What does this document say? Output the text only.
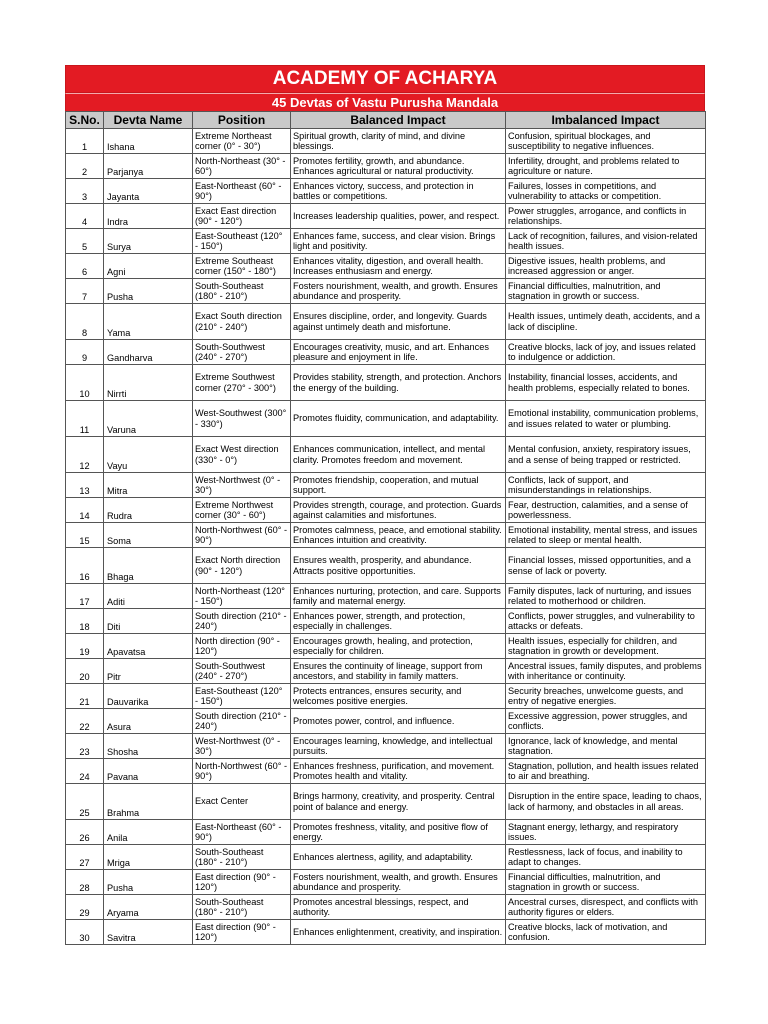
ACADEMY OF ACHARYA
45 Devtas of Vastu Purusha Mandala
S.No.	Devta Name	Position	Balanced Impact	Imbalanced Impact
1	Ishana	Extreme Northeast corner (0° - 30°)	Spiritual growth, clarity of mind, and divine blessings.	Confusion, spiritual blockages, and susceptibility to negative influences.
2	Parjanya	North-Northeast (30° - 60°)	Promotes fertility, growth, and abundance. Enhances agricultural or natural productivity.	Infertility, drought, and problems related to agriculture or nature.
3	Jayanta	East-Northeast (60° - 90°)	Enhances victory, success, and protection in battles or competitions.	Failures, losses in competitions, and vulnerability to attacks or competition.
4	Indra	Exact East direction (90° - 120°)	Increases leadership qualities, power, and respect.	Power struggles, arrogance, and conflicts in relationships.
5	Surya	East-Southeast (120° - 150°)	Enhances fame, success, and clear vision. Brings light and positivity.	Lack of recognition, failures, and vision-related health issues.
6	Agni	Extreme Southeast corner (150° - 180°)	Enhances vitality, digestion, and overall health. Increases enthusiasm and energy.	Digestive issues, health problems, and increased aggression or anger.
7	Pusha	South-Southeast (180° - 210°)	Fosters nourishment, wealth, and growth. Ensures abundance and prosperity.	Financial difficulties, malnutrition, and stagnation in growth or success.
8	Yama	Exact South direction (210° - 240°)	Ensures discipline, order, and longevity. Guards against untimely death and misfortune.	Health issues, untimely death, accidents, and a lack of discipline.
9	Gandharva	South-Southwest (240° - 270°)	Encourages creativity, music, and art. Enhances pleasure and enjoyment in life.	Creative blocks, lack of joy, and issues related to indulgence or addiction.
10	Nirrti	Extreme Southwest corner (270° - 300°)	Provides stability, strength, and protection. Anchors the energy of the building.	Instability, financial losses, accidents, and health problems, especially related to bones.
11	Varuna	West-Southwest (300° - 330°)	Promotes fluidity, communication, and adaptability.	Emotional instability, communication problems, and issues related to water or plumbing.
12	Vayu	Exact West direction (330° - 0°)	Enhances communication, intellect, and mental clarity. Promotes freedom and movement.	Mental confusion, anxiety, respiratory issues, and a sense of being trapped or restricted.
13	Mitra	West-Northwest (0° - 30°)	Promotes friendship, cooperation, and mutual support.	Conflicts, lack of support, and misunderstandings in relationships.
14	Rudra	Extreme Northwest corner (30° - 60°)	Provides strength, courage, and protection. Guards against calamities and misfortunes.	Fear, destruction, calamities, and a sense of powerlessness.
15	Soma	North-Northwest (60° - 90°)	Promotes calmness, peace, and emotional stability. Enhances intuition and creativity.	Emotional instability, mental stress, and issues related to sleep or mental health.
16	Bhaga	Exact North direction (90° - 120°)	Ensures wealth, prosperity, and abundance. Attracts positive opportunities.	Financial losses, missed opportunities, and a sense of lack or poverty.
17	Aditi	North-Northeast (120° - 150°)	Enhances nurturing, protection, and care. Supports family and maternal energy.	Family disputes, lack of nurturing, and issues related to motherhood or children.
18	Diti	South direction (210° - 240°)	Enhances power, strength, and protection, especially in challenges.	Conflicts, power struggles, and vulnerability to attacks or defeats.
19	Apavatsa	North direction (90° - 120°)	Encourages growth, healing, and protection, especially for children.	Health issues, especially for children, and stagnation in growth or development.
20	Pitr	South-Southwest (240° - 270°)	Ensures the continuity of lineage, support from ancestors, and stability in family matters.	Ancestral issues, family disputes, and problems with inheritance or continuity.
21	Dauvarika	East-Southeast (120° - 150°)	Protects entrances, ensures security, and welcomes positive energies.	Security breaches, unwelcome guests, and entry of negative energies.
22	Asura	South direction (210° - 240°)	Promotes power, control, and influence.	Excessive aggression, power struggles, and conflicts.
23	Shosha	West-Northwest (0° - 30°)	Encourages learning, knowledge, and intellectual pursuits.	Ignorance, lack of knowledge, and mental stagnation.
24	Pavana	North-Northwest (60° - 90°)	Enhances freshness, purification, and movement. Promotes health and vitality.	Stagnation, pollution, and health issues related to air and breathing.
25	Brahma	Exact Center	Brings harmony, creativity, and prosperity. Central point of balance and energy.	Disruption in the entire space, leading to chaos, lack of harmony, and obstacles in all areas.
26	Anila	East-Northeast (60° - 90°)	Promotes freshness, vitality, and positive flow of energy.	Stagnant energy, lethargy, and respiratory issues.
27	Mriga	South-Southeast (180° - 210°)	Enhances alertness, agility, and adaptability.	Restlessness, lack of focus, and inability to adapt to changes.
28	Pusha	East direction (90° - 120°)	Fosters nourishment, wealth, and growth. Ensures abundance and prosperity.	Financial difficulties, malnutrition, and stagnation in growth or success.
29	Aryama	South-Southeast (180° - 210°)	Promotes ancestral blessings, respect, and authority.	Ancestral curses, disrespect, and conflicts with authority figures or elders.
30	Savitra	East direction (90° - 120°)	Enhances enlightenment, creativity, and inspiration.	Creative blocks, lack of motivation, and confusion.
